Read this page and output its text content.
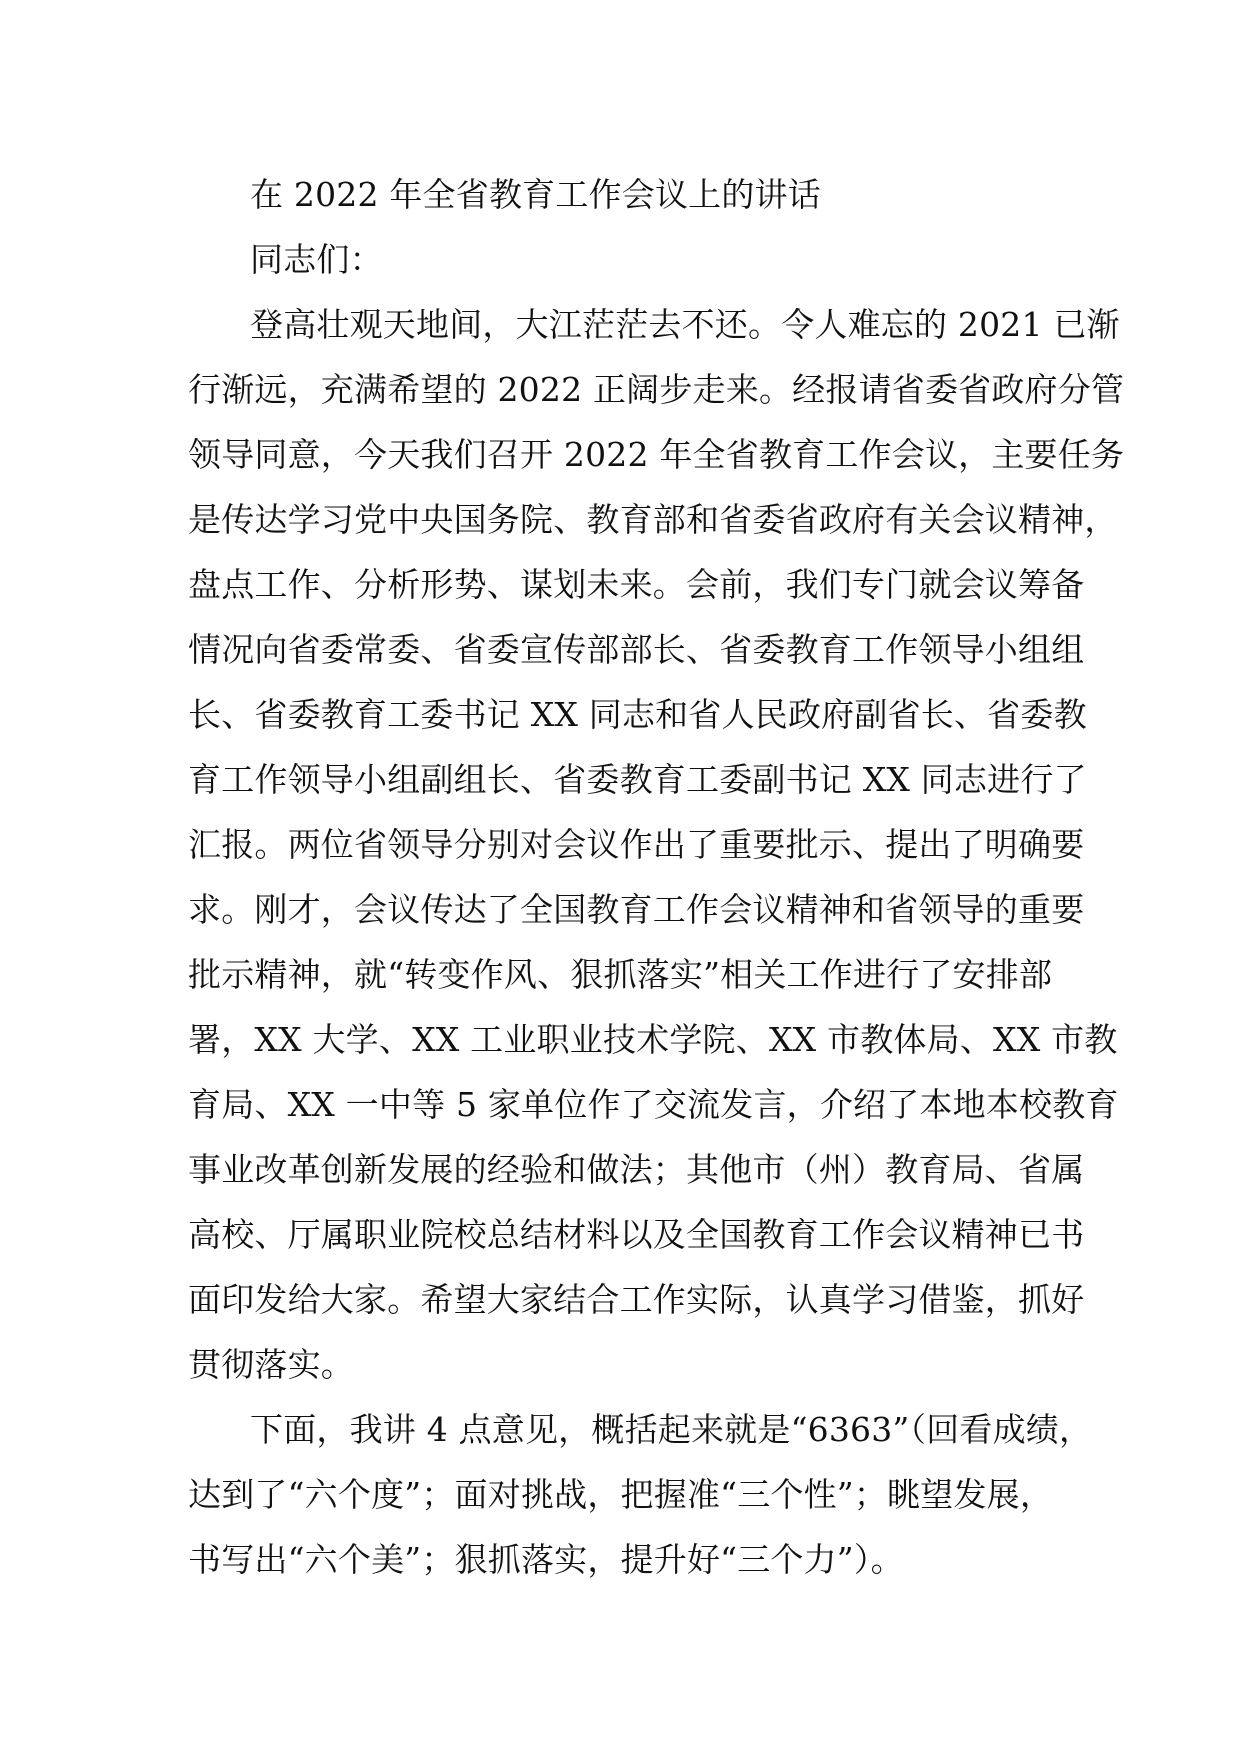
在 2022 年全省教育工作会议上的讲话
同志们：
登高壮观天地间，大江茫茫去不还。令人难忘的 2021 已渐
行渐远，充满希望的 2022 正阔步走来。经报请省委省政府分管
领导同意，今天我们召开 2022 年全省教育工作会议，主要任务
是传达学习党中央国务院、教育部和省委省政府有关会议精神，
盘点工作、分析形势、谋划未来。会前，我们专门就会议筹备
情况向省委常委、省委宣传部部长、省委教育工作领导小组组
长、省委教育工委书记 XX 同志和省人民政府副省长、省委教
育工作领导小组副组长、省委教育工委副书记 XX 同志进行了
汇报。两位省领导分别对会议作出了重要批示、提出了明确要
求。刚才，会议传达了全国教育工作会议精神和省领导的重要
批示精神，就“转变作风、狠抓落实”相关工作进行了安排部
署，XX 大学、XX 工业职业技术学院、XX 市教体局、XX 市教
育局、XX 一中等 5 家单位作了交流发言，介绍了本地本校教育
事业改革创新发展的经验和做法；其他市（州）教育局、省属
高校、厅属职业院校总结材料以及全国教育工作会议精神已书
面印发给大家。希望大家结合工作实际，认真学习借鉴，抓好
贯彻落实。
下面，我讲 4 点意见，概括起来就是“6363”（回看成绩，
达到了“六个度”；面对挑战，把握准“三个性”；眺望发展，
书写出“六个美”；狠抓落实，提升好“三个力”）。
